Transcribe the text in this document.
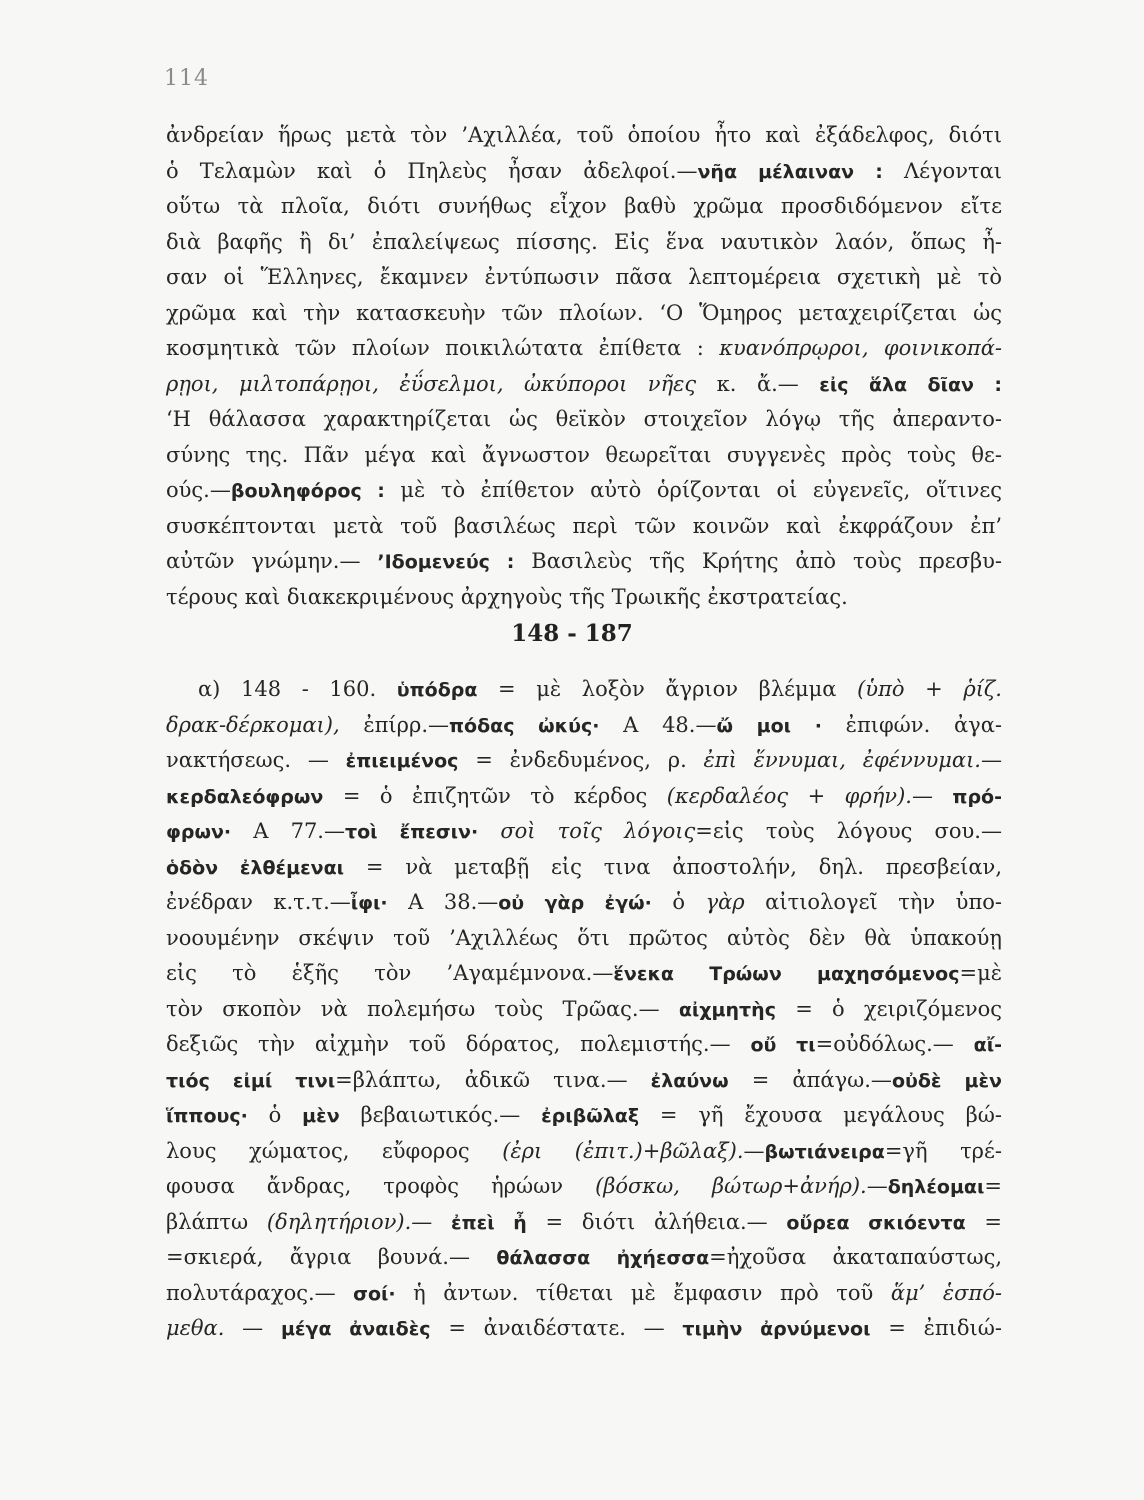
114
ἀνδρείαν ἥρως μετὰ τὸν ’Αχιλλέα, τοῦ ὁποίου ἦτο καὶ ἐξάδελφος, διότι
ὁ Τελαμὼν καὶ ὁ Πηλεὺς ἦσαν ἀδελφοί.—νῆα μέλαιναν : Λέγονται
οὕτω τὰ πλοῖα, διότι συνήθως εἶχον βαθὺ χρῶμα προσδιδόμενον εἴτε
διὰ βαφῆς ἢ δι’ ἐπαλείψεως πίσσης. Εἰς ἕνα ναυτικὸν λαόν, ὅπως ἦ-
σαν οἱ Ἕλληνες, ἔκαμνεν ἐντύπωσιν πᾶσα λεπτομέρεια σχετικὴ μὲ τὸ
χρῶμα καὶ τὴν κατασκευὴν τῶν πλοίων. ‘Ο Ὅμηρος μεταχειρίζεται ὡς
κοσμητικὰ τῶν πλοίων ποικιλώτατα ἐπίθετα : κυανόπρῳροι, φοινικοπά-
ρῃοι, μιλτοπάρῃοι, ἐΰσελμοι, ὠκύποροι νῆες κ. ἄ.— εἰς ἅλα δῖαν :
‘Η θάλασσα χαρακτηρίζεται ὡς θεϊκὸν στοιχεῖον λόγῳ τῆς ἀπεραντο-
σύνης της. Πᾶν μέγα καὶ ἄγνωστον θεωρεῖται συγγενὲς πρὸς τοὺς θε-
ούς.—βουληφόρος : μὲ τὸ ἐπίθετον αὐτὸ ὁρίζονται οἱ εὐγενεῖς, οἵτινες
συσκέπτονται μετὰ τοῦ βασιλέως περὶ τῶν κοινῶν καὶ ἐκφράζουν ἐπ’
αὐτῶν γνώμην.— ’Ιδομενεύς : Βασιλεὺς τῆς Κρήτης ἀπὸ τοὺς πρεσβυ-
τέρους καὶ διακεκριμένους ἀρχηγοὺς τῆς Τρωικῆς ἐκστρατείας.
148 - 187
α) 148 - 160. ὑπόδρα = μὲ λοξὸν ἄγριον βλέμμα (ὑπὸ + ῥίζ.
δρακ-δέρκομαι), ἐπίρρ.—πόδας ὠκύς· Α 48.—ὤ μοι · ἐπιφών. ἀγα-
νακτήσεως. — ἐπιειμένος = ἐνδεδυμένος, ρ. ἐπὶ ἕννυμαι, ἐφέννυμαι.—
κερδαλεόφρων = ὁ ἐπιζητῶν τὸ κέρδος (κερδαλέος + φρήν).— πρό-
φρων· Α 77.—τοὶ ἔπεσιν· σοὶ τοῖς λόγοις=εἰς τοὺς λόγους σου.—
ὁδὸν ἐλθέμεναι = νὰ μεταβῇ εἰς τινα ἀποστολήν, δηλ. πρεσβείαν,
ἐνέδραν κ.τ.τ.—ἶφι· Α 38.—οὐ γὰρ ἐγώ· ὁ γὰρ αἰτιολογεῖ τὴν ὑπο-
νοουμένην σκέψιν τοῦ ’Αχιλλέως ὅτι πρῶτος αὐτὸς δὲν θὰ ὑπακούῃ
εἰς τὸ ἑξῆς τὸν ’Αγαμέμνονα.—ἕνεκα Τρώων μαχησόμενος=μὲ
τὸν σκοπὸν νὰ πολεμήσω τοὺς Τρῶας.— αἰχμητὴς = ὁ χειριζόμενος
δεξιῶς τὴν αἰχμὴν τοῦ δόρατος, πολεμιστής.— οὔ τι=οὐδόλως.— αἴ-
τιός εἰμί τινι=βλάπτω, ἀδικῶ τινα.— ἐλαύνω = ἀπάγω.—οὐδὲ μὲν
ἵππους· ὁ μὲν βεβαιωτικός.— ἐριβῶλαξ = γῆ ἔχουσα μεγάλους βώ-
λους χώματος, εὔφορος (ἐρι (ἐπιτ.)+βῶλαξ).—βωτιάνειρα=γῆ τρέ-
φουσα ἄνδρας, τροφὸς ἡρώων (βόσκω, βώτωρ+ἀνήρ).—δηλέομαι=
βλάπτω (δηλητήριον).— ἐπεὶ ἦ = διότι ἀλήθεια.— οὔρεα σκιόεντα =
=σκιερά, ἄγρια βουνά.— θάλασσα ἠχήεσσα=ἠχοῦσα ἀκαταπαύστως,
πολυτάραχος.— σοί· ἡ ἀντων. τίθεται μὲ ἔμφασιν πρὸ τοῦ ἅμ’ ἑσπό-
μεθα. — μέγα ἀναιδὲς = ἀναιδέστατε. — τιμὴν ἀρνύμενοι = ἐπιδιώ-
